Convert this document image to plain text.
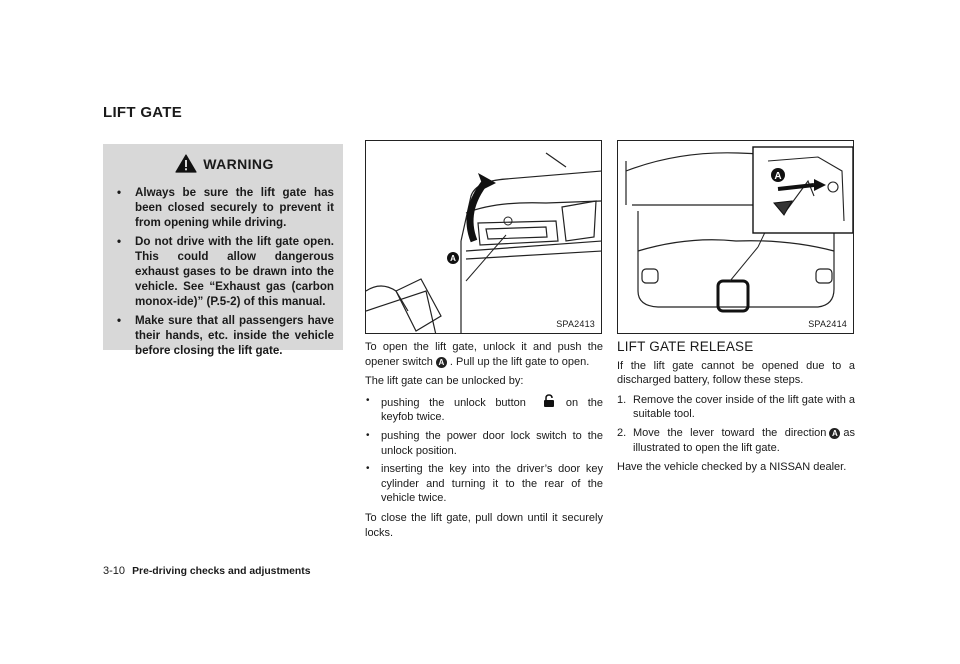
LIFT GATE
WARNING
• Always be sure the lift gate has been closed securely to prevent it from opening while driving.
• Do not drive with the lift gate open. This could allow dangerous exhaust gases to be drawn into the vehicle. See “Exhaust gas (carbon monox-ide)” (P.5-2) of this manual.
• Make sure that all passengers have their hands, etc. inside the vehicle before closing the lift gate.
A
SPA2413
A
SPA2414

To open the lift gate, unlock it and push the opener switch A . Pull up the lift gate to open.

The lift gate can be unlocked by:

• pushing the unlock button	on the keyfob twice.
• pushing the power door lock switch to the unlock position.
• inserting the key into the driver’s door key cylinder and turning it to the rear of the vehicle twice.

To close the lift gate, pull down until it securely locks.

LIFT GATE RELEASE

If the lift gate cannot be opened due to a discharged battery, follow these steps.

1. Remove the cover inside of the lift gate with a suitable tool.
2. Move the lever toward the direction A as illustrated to open the lift gate.

Have the vehicle checked by a NISSAN dealer.

3-10 Pre-driving checks and adjustments
